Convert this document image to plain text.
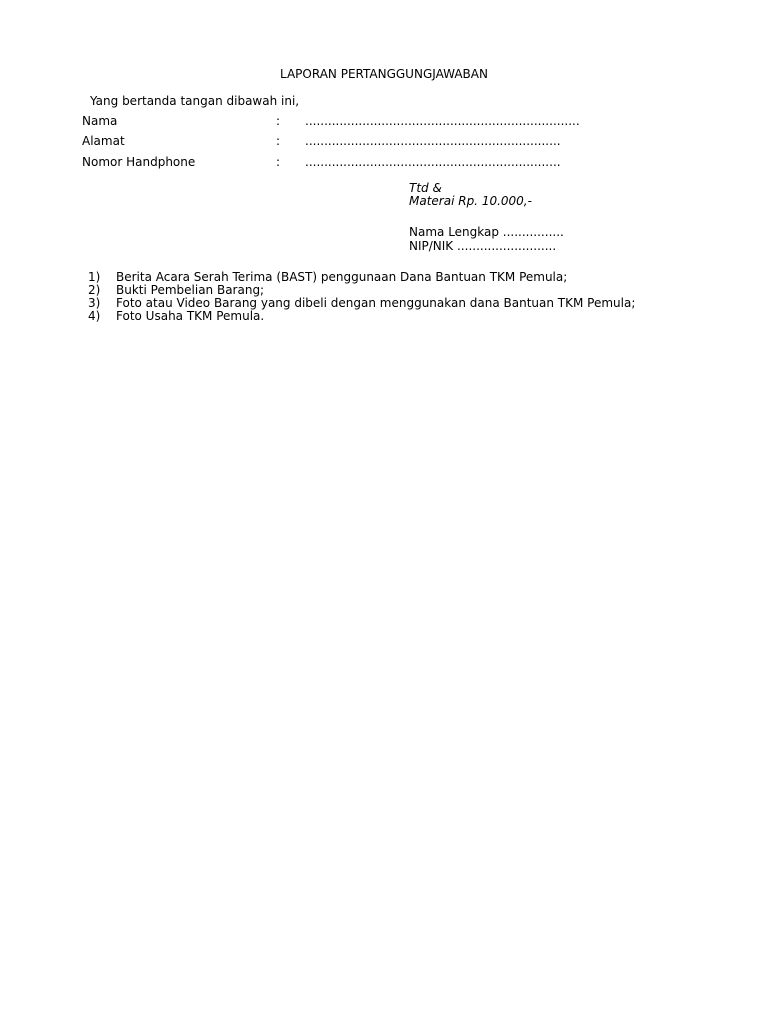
LAPORAN PERTANGGUNGJAWABAN
Yang bertanda tangan dibawah ini,
Nama	: ........................................................................
Alamat	: ...................................................................
Nomor Handphone	: ...................................................................
Ttd &
Materai Rp. 10.000,-
Nama Lengkap ................
NIP/NIK ..........................
1) Berita Acara Serah Terima (BAST) penggunaan Dana Bantuan TKM Pemula;
2) Bukti Pembelian Barang;
3) Foto atau Video Barang yang dibeli dengan menggunakan dana Bantuan TKM Pemula;
4) Foto Usaha TKM Pemula.
